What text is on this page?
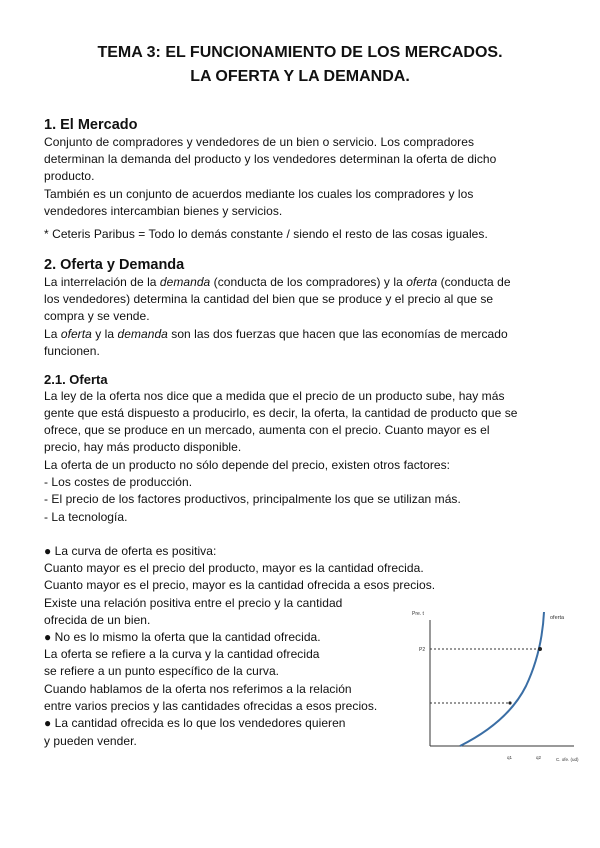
TEMA 3: EL FUNCIONAMIENTO DE LOS MERCADOS.
LA OFERTA Y LA DEMANDA.
1. El Mercado
Conjunto de compradores y vendedores de un bien o servicio. Los compradores
determinan la demanda del producto y los vendedores determinan la oferta de dicho
producto.
También es un conjunto de acuerdos mediante los cuales los compradores y los
vendedores intercambian bienes y servicios.
* Ceteris Paribus = Todo lo demás constante / siendo el resto de las cosas iguales.
2. Oferta y Demanda
La interrelación de la demanda (conducta de los compradores) y la oferta (conducta de
los vendedores) determina la cantidad del bien que se produce y el precio al que se
compra y se vende.
La oferta y la demanda son las dos fuerzas que hacen que las economías de mercado
funcionen.
2.1. Oferta
La ley de la oferta nos dice que a medida que el precio de un producto sube, hay más
gente que está dispuesto a producirlo, es decir, la oferta, la cantidad de producto que se
ofrece, que se produce en un mercado, aumenta con el precio. Cuanto mayor es el
precio, hay más producto disponible.
La oferta de un producto no sólo depende del precio, existen otros factores:
- Los costes de producción.
- El precio de los factores productivos, principalmente los que se utilizan más.
- La tecnología.
● La curva de oferta es positiva:
Cuanto mayor es el precio del producto, mayor es la cantidad ofrecida.
Cuanto mayor es el precio, mayor es la cantidad ofrecida a esos precios.
Existe una relación positiva entre el precio y la cantidad
ofrecida de un bien.
● No es lo mismo la oferta que la cantidad ofrecida.
La oferta se refiere a la curva y la cantidad ofrecida
se refiere a un punto específico de la curva.
Cuando hablamos de la oferta nos referimos a la relación
entre varios precios y las cantidades ofrecidas a esos precios.
● La cantidad ofrecida es lo que los vendedores quieren
y pueden vender.
Pre. t
oferta
P2
C. ofe. (ud)
q1	q2
